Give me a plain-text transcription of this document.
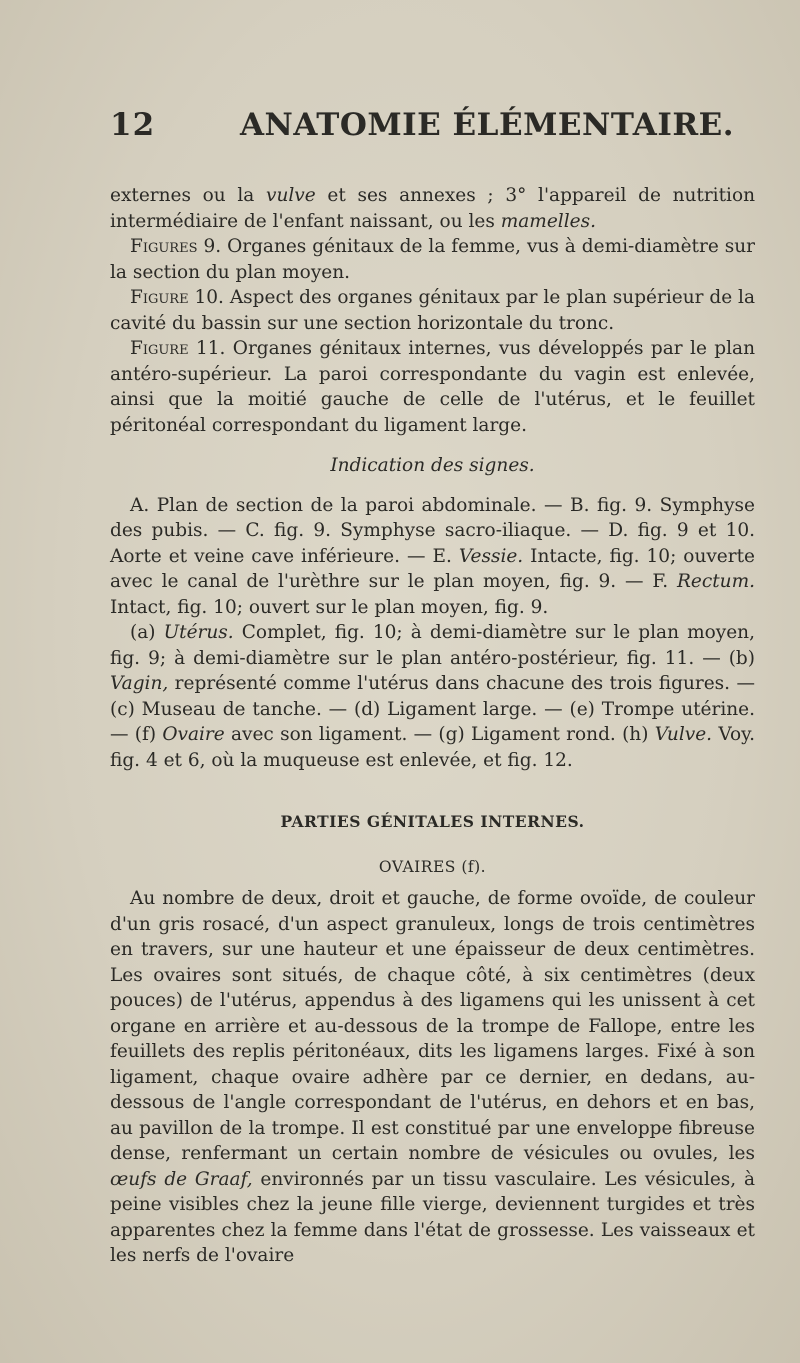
12	ANATOMIE ÉLÉMENTAIRE.

externes ou la vulve et ses annexes ; 3° l'appareil de nutrition intermédiaire de l'enfant naissant, ou les mamelles.

Figures 9. Organes génitaux de la femme, vus à demi-diamètre sur la section du plan moyen.

Figure 10. Aspect des organes génitaux par le plan supérieur de la cavité du bassin sur une section horizontale du tronc.

Figure 11. Organes génitaux internes, vus développés par le plan antéro-supérieur. La paroi correspondante du vagin est enlevée, ainsi que la moitié gauche de celle de l'utérus, et le feuillet péritonéal correspondant du ligament large.

Indication des signes.

A. Plan de section de la paroi abdominale. — B. fig. 9. Symphyse des pubis. — C. fig. 9. Symphyse sacro-iliaque. — D. fig. 9 et 10. Aorte et veine cave inférieure. — E. Vessie. Intacte, fig. 10; ouverte avec le canal de l'urèthre sur le plan moyen, fig. 9. — F. Rectum. Intact, fig. 10; ouvert sur le plan moyen, fig. 9.

(a) Utérus. Complet, fig. 10; à demi-diamètre sur le plan moyen, fig. 9; à demi-diamètre sur le plan antéro-postérieur, fig. 11. — (b) Vagin, représenté comme l'utérus dans chacune des trois figures. — (c) Museau de tanche. — (d) Ligament large. — (e) Trompe utérine. — (f) Ovaire avec son ligament. — (g) Ligament rond. (h) Vulve. Voy. fig. 4 et 6, où la muqueuse est enlevée, et fig. 12.

PARTIES GÉNITALES INTERNES.

OVAIRES (f).

Au nombre de deux, droit et gauche, de forme ovoïde, de couleur d'un gris rosacé, d'un aspect granuleux, longs de trois centimètres en travers, sur une hauteur et une épaisseur de deux centimètres. Les ovaires sont situés, de chaque côté, à six centimètres (deux pouces) de l'utérus, appendus à des ligamens qui les unissent à cet organe en arrière et au-dessous de la trompe de Fallope, entre les feuillets des replis péritonéaux, dits les ligamens larges. Fixé à son ligament, chaque ovaire adhère par ce dernier, en dedans, au-dessous de l'angle correspondant de l'utérus, en dehors et en bas, au pavillon de la trompe. Il est constitué par une enveloppe fibreuse dense, renfermant un certain nombre de vésicules ou ovules, les œufs de Graaf, environnés par un tissu vasculaire. Les vésicules, à peine visibles chez la jeune fille vierge, deviennent turgides et très apparentes chez la femme dans l'état de grossesse. Les vaisseaux et les nerfs de l'ovaire
